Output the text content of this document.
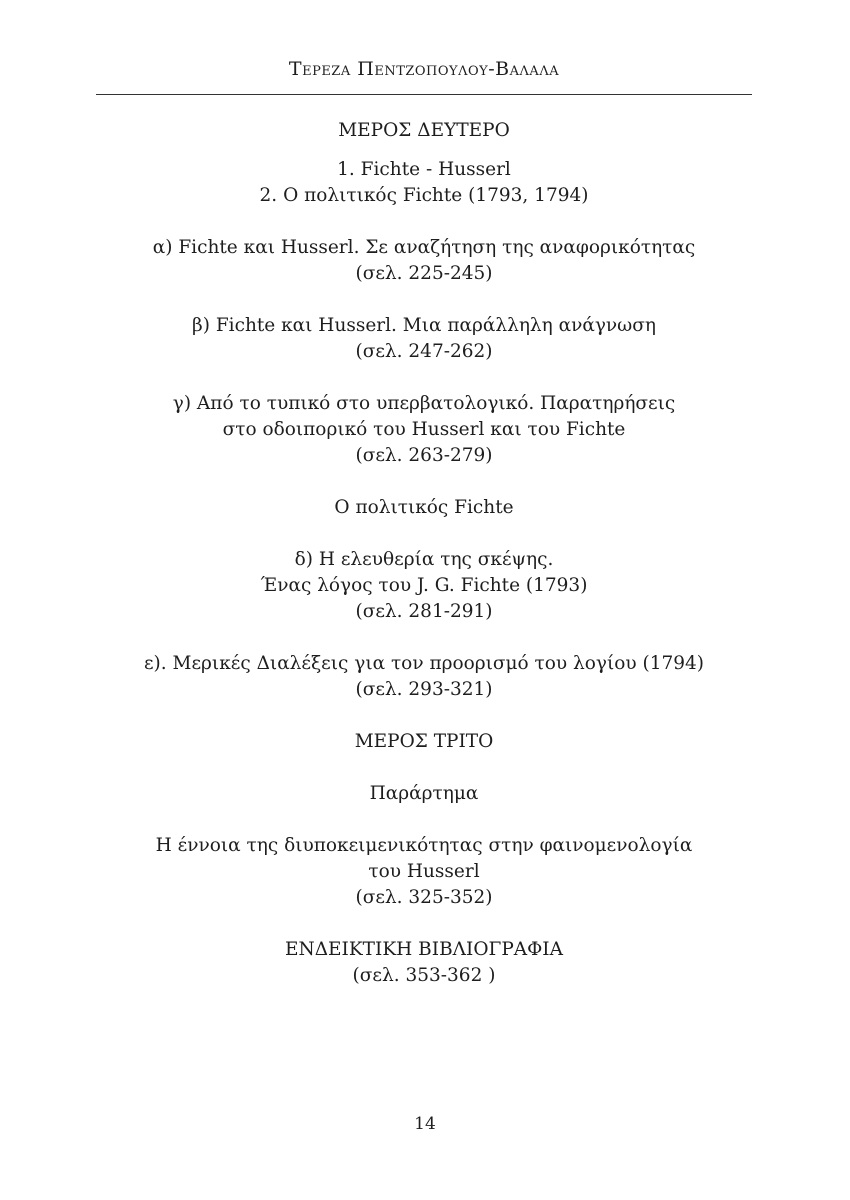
Τερεζα Πεντζοπουλου-Βαλαλα
ΜΕΡΟΣ ΔΕΥΤΕΡΟ
1. Fichte - Husserl
2. Ο πολιτικός Fichte (1793, 1794)
α) Fichte και Husserl. Σε αναζήτηση της αναφορικότητας
(σελ. 225-245)
β) Fichte και Husserl. Μια παράλληλη ανάγνωση
(σελ. 247-262)
γ) Από το τυπικό στο υπερβατολογικό. Παρατηρήσεις
στο οδοιπορικό του Husserl και του Fichte
(σελ. 263-279)
Ο πολιτικός Fichte
δ) Η ελευθερία της σκέψης.
Ένας λόγος του J. G. Fichte (1793)
(σελ. 281-291)
ε). Μερικές Διαλέξεις για τον προορισμό του λογίου (1794)
(σελ. 293-321)
ΜΕΡΟΣ ΤΡΙΤΟ
Παράρτημα
Η έννοια της διυποκειμενικότητας στην φαινομενολογία
του Husserl
(σελ. 325-352)
ΕΝΔΕΙΚΤΙΚΗ ΒΙΒΛΙΟΓΡΑΦΙΑ
(σελ. 353-362 )
14
